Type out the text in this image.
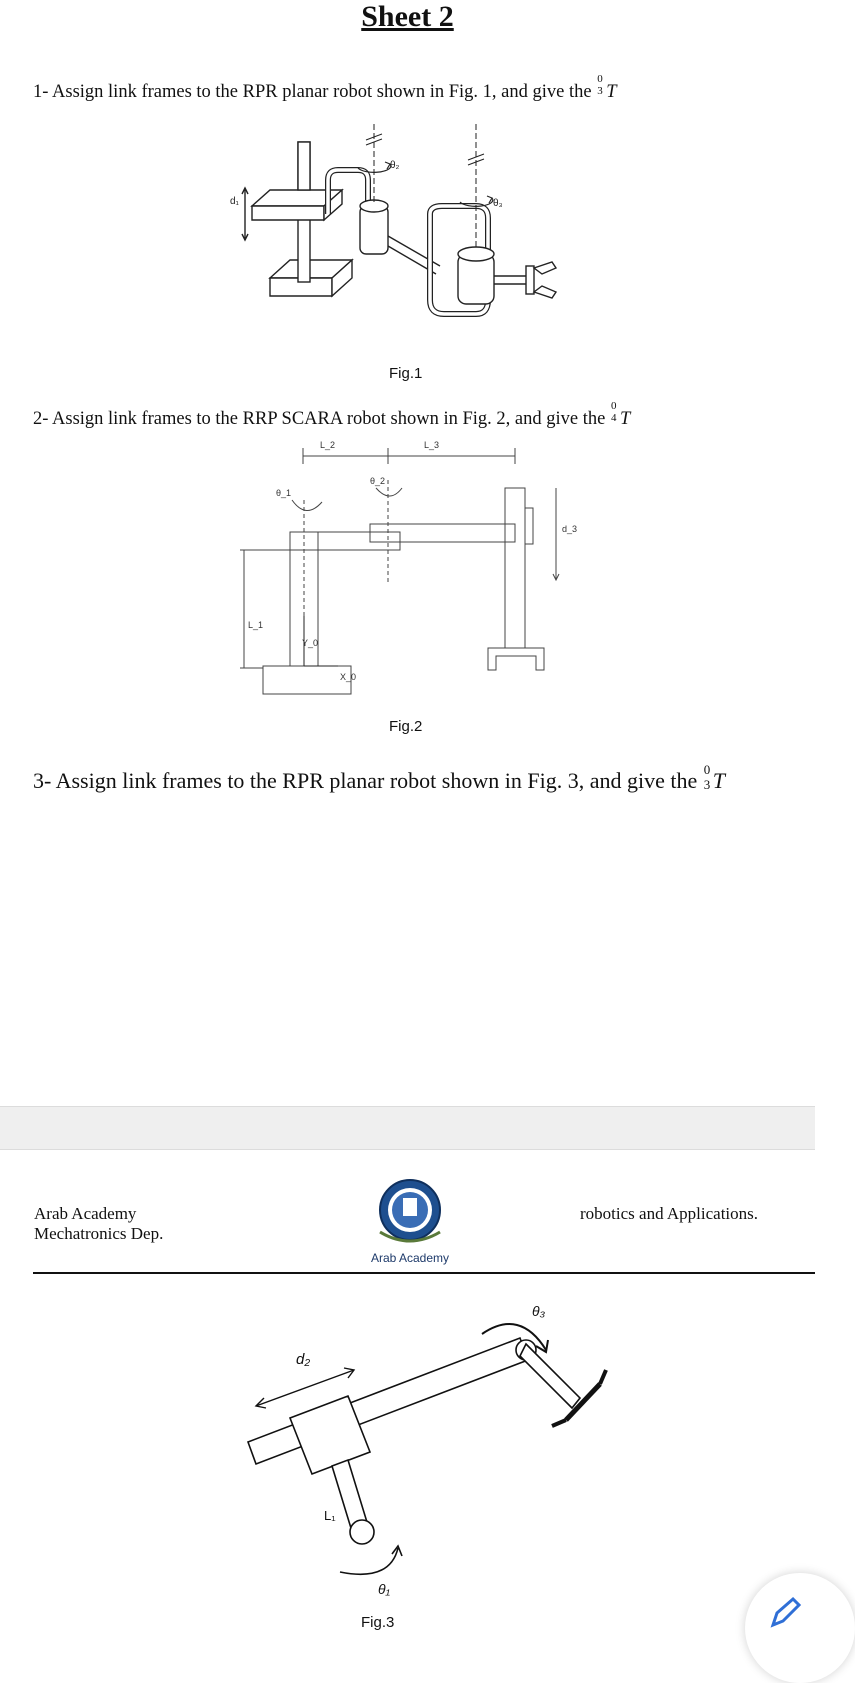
Sheet 2
1- Assign link frames to the RPR planar robot shown in Fig. 1, and give the
0
3 T
d₁
θ₂
θ₃
Fig.1
2- Assign link frames to the RRP SCARA robot shown in Fig. 2, and give the
0
4 T
L_2	L_3
θ_1
θ_2
d_3
L_1
Y_0
X_0
Fig.2
3- Assign link frames to the RPR planar robot shown in Fig. 3, and give the 0
3 T
Arab Academy
Mechatronics Dep.
robotics and Applications.
Arab Academy
d₂
L₁
θ₁
θ₃
Fig.3
